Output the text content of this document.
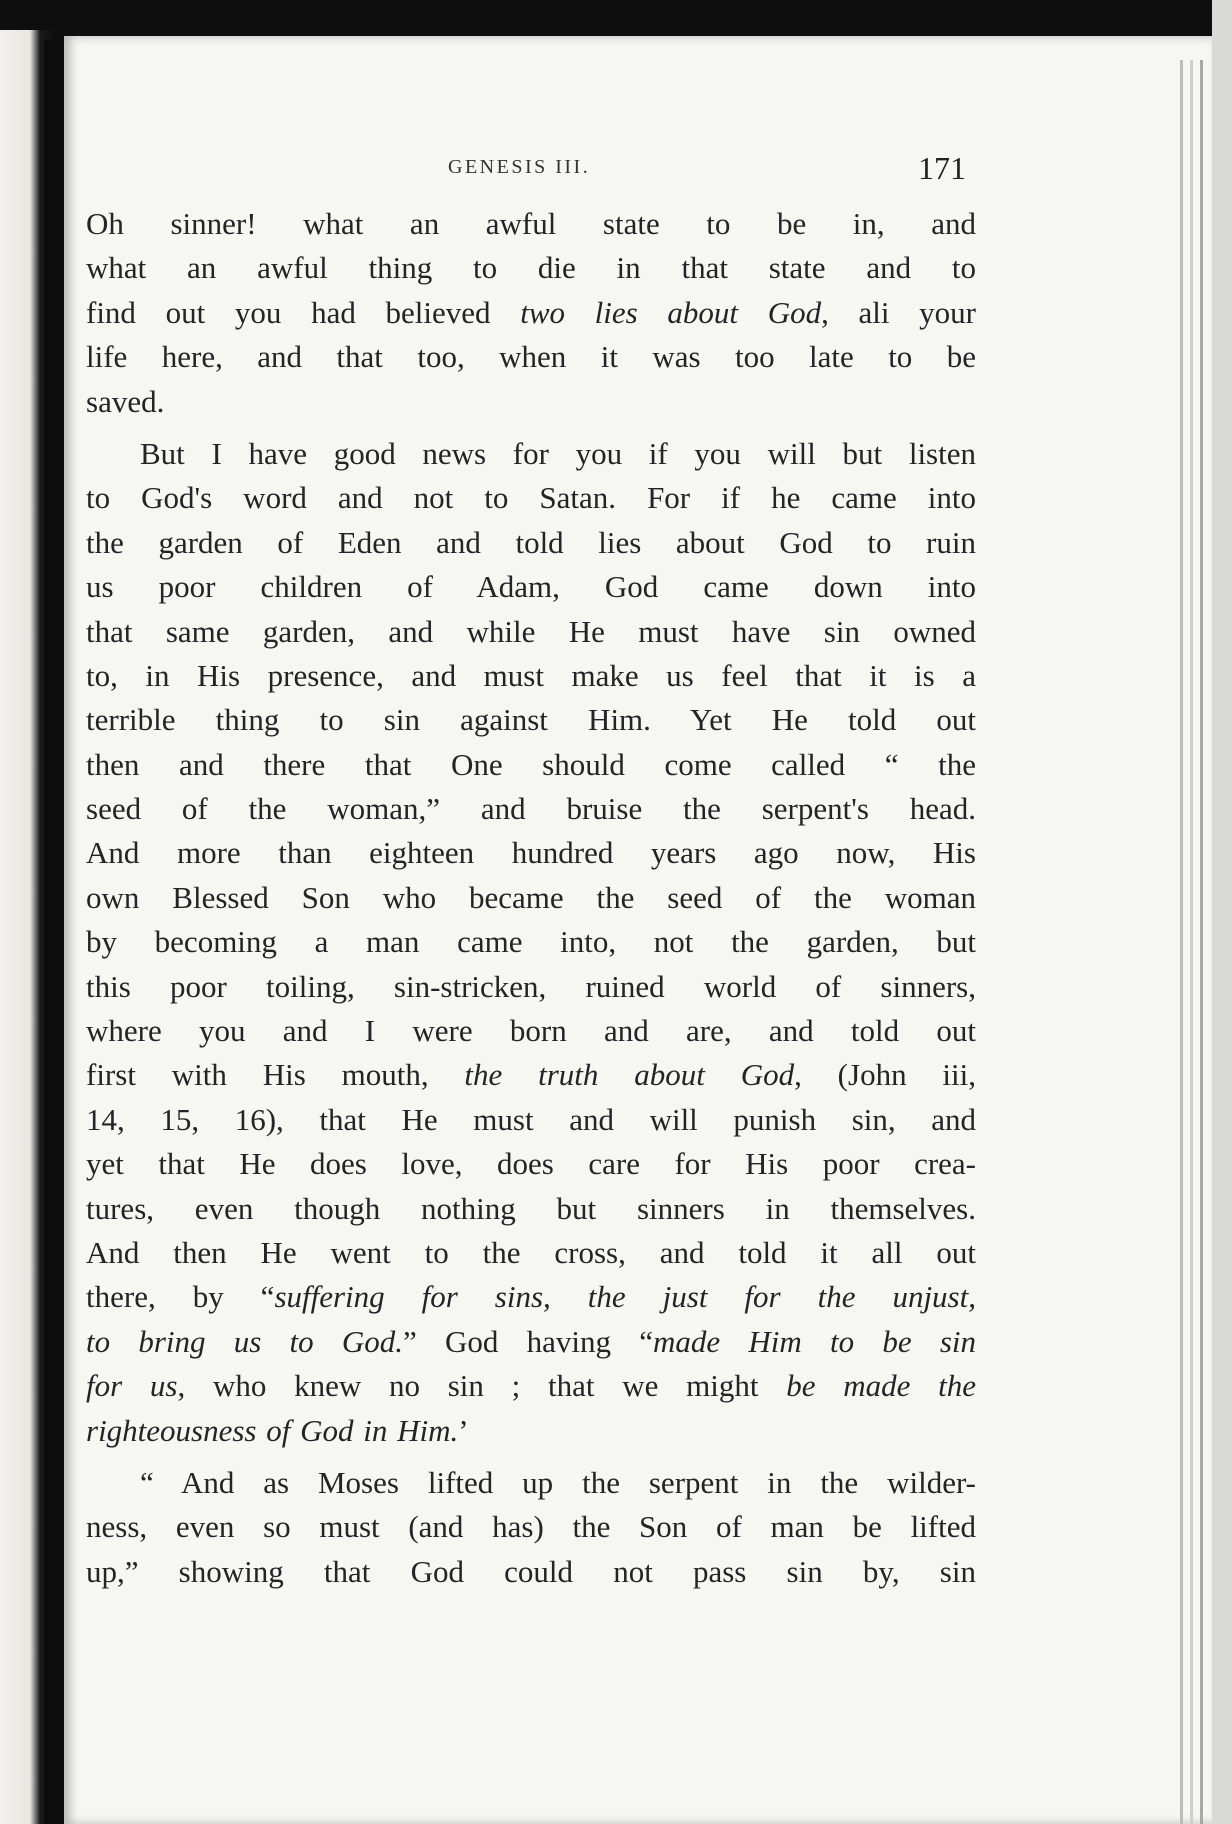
GENESIS III.	171
Oh sinner! what an awful state to be in, and
what an awful thing to die in that state and to
find out you had believed two lies about God, ali your
life here, and that too, when it was too late to be
saved.
But I have good news for you if you will but listen
to God's word and not to Satan. For if he came into
the garden of Eden and told lies about God to ruin
us poor children of Adam, God came down into
that same garden, and while He must have sin owned
to, in His presence, and must make us feel that it is a
terrible thing to sin against Him. Yet He told out
then and there that One should come called “ the
seed of the woman,” and bruise the serpent's head.
And more than eighteen hundred years ago now, His
own Blessed Son who became the seed of the woman
by becoming a man came into, not the garden, but
this poor toiling, sin-stricken, ruined world of sinners,
where you and I were born and are, and told out
first with His mouth, the truth about God, (John iii,
14, 15, 16), that He must and will punish sin, and
yet that He does love, does care for His poor crea-
tures, even though nothing but sinners in themselves.
And then He went to the cross, and told it all out
there, by “suffering for sins, the just for the unjust,
to bring us to God.” God having “made Him to be sin
for us, who knew no sin ; that we might be made the
righteousness of God in Him.’
“ And as Moses lifted up the serpent in the wilder-
ness, even so must (and has) the Son of man be lifted
up,” showing that God could not pass sin by, sin
